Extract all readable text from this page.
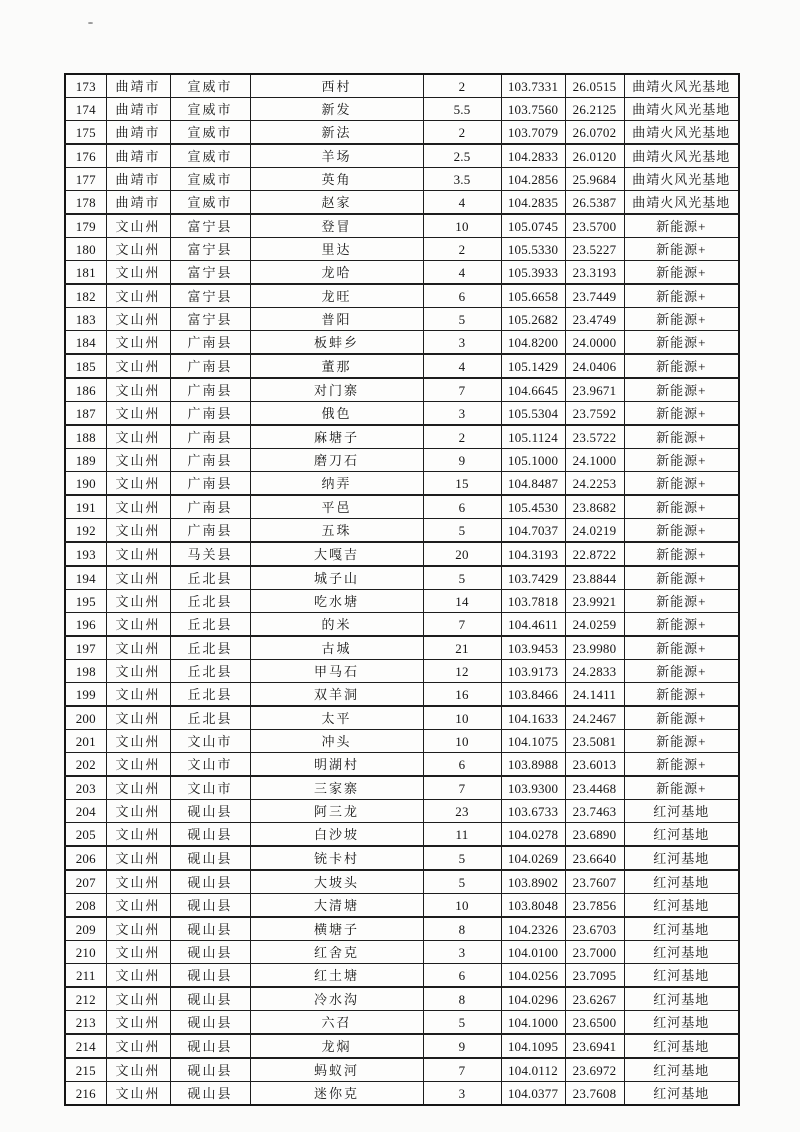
173	曲靖市	宣威市	西村	2	103.7331	26.0515	曲靖火风光基地
174	曲靖市	宣威市	新发	5.5	103.7560	26.2125	曲靖火风光基地
175	曲靖市	宣威市	新法	2	103.7079	26.0702	曲靖火风光基地
176	曲靖市	宣威市	羊场	2.5	104.2833	26.0120	曲靖火风光基地
177	曲靖市	宣威市	英角	3.5	104.2856	25.9684	曲靖火风光基地
178	曲靖市	宣威市	赵家	4	104.2835	26.5387	曲靖火风光基地
179	文山州	富宁县	登冒	10	105.0745	23.5700	新能源+
180	文山州	富宁县	里达	2	105.5330	23.5227	新能源+
181	文山州	富宁县	龙哈	4	105.3933	23.3193	新能源+
182	文山州	富宁县	龙旺	6	105.6658	23.7449	新能源+
183	文山州	富宁县	普阳	5	105.2682	23.4749	新能源+
184	文山州	广南县	板蚌乡	3	104.8200	24.0000	新能源+
185	文山州	广南县	董那	4	105.1429	24.0406	新能源+
186	文山州	广南县	对门寨	7	104.6645	23.9671	新能源+
187	文山州	广南县	俄色	3	105.5304	23.7592	新能源+
188	文山州	广南县	麻塘子	2	105.1124	23.5722	新能源+
189	文山州	广南县	磨刀石	9	105.1000	24.1000	新能源+
190	文山州	广南县	纳弄	15	104.8487	24.2253	新能源+
191	文山州	广南县	平邑	6	105.4530	23.8682	新能源+
192	文山州	广南县	五珠	5	104.7037	24.0219	新能源+
193	文山州	马关县	大嘎吉	20	104.3193	22.8722	新能源+
194	文山州	丘北县	城子山	5	103.7429	23.8844	新能源+
195	文山州	丘北县	吃水塘	14	103.7818	23.9921	新能源+
196	文山州	丘北县	的米	7	104.4611	24.0259	新能源+
197	文山州	丘北县	古城	21	103.9453	23.9980	新能源+
198	文山州	丘北县	甲马石	12	103.9173	24.2833	新能源+
199	文山州	丘北县	双羊洞	16	103.8466	24.1411	新能源+
200	文山州	丘北县	太平	10	104.1633	24.2467	新能源+
201	文山州	文山市	冲头	10	104.1075	23.5081	新能源+
202	文山州	文山市	明湖村	6	103.8988	23.6013	新能源+
203	文山州	文山市	三家寨	7	103.9300	23.4468	新能源+
204	文山州	砚山县	阿三龙	23	103.6733	23.7463	红河基地
205	文山州	砚山县	白沙坡	11	104.0278	23.6890	红河基地
206	文山州	砚山县	铳卡村	5	104.0269	23.6640	红河基地
207	文山州	砚山县	大坡头	5	103.8902	23.7607	红河基地
208	文山州	砚山县	大清塘	10	103.8048	23.7856	红河基地
209	文山州	砚山县	横塘子	8	104.2326	23.6703	红河基地
210	文山州	砚山县	红舍克	3	104.0100	23.7000	红河基地
211	文山州	砚山县	红土塘	6	104.0256	23.7095	红河基地
212	文山州	砚山县	冷水沟	8	104.0296	23.6267	红河基地
213	文山州	砚山县	六召	5	104.1000	23.6500	红河基地
214	文山州	砚山县	龙焖	9	104.1095	23.6941	红河基地
215	文山州	砚山县	蚂蚁河	7	104.0112	23.6972	红河基地
216	文山州	砚山县	迷你克	3	104.0377	23.7608	红河基地
